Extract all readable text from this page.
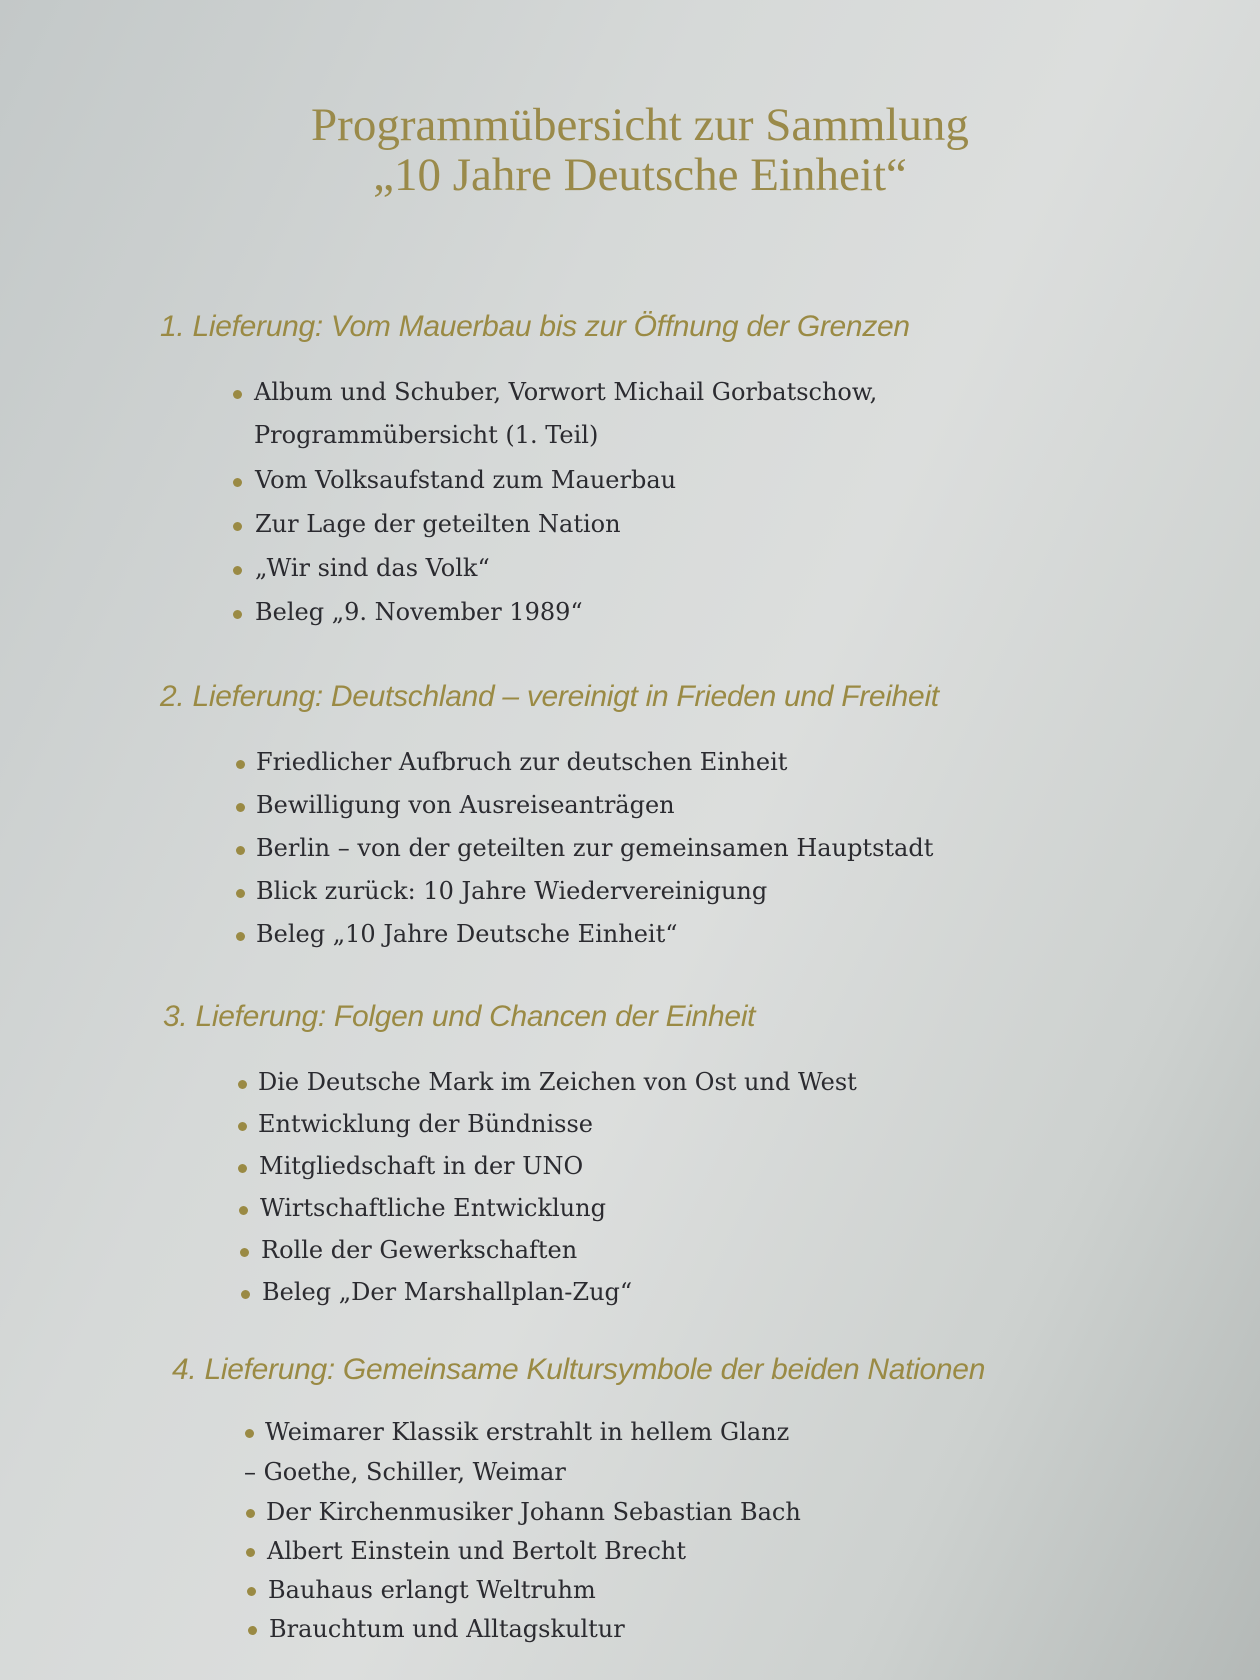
Programmübersicht zur Sammlung
„10 Jahre Deutsche Einheit“
1. Lieferung: Vom Mauerbau bis zur Öffnung der Grenzen
Album und Schuber, Vorwort Michail Gorbatschow,
Programmübersicht (1. Teil)
Vom Volksaufstand zum Mauerbau
Zur Lage der geteilten Nation
„Wir sind das Volk“
Beleg „9. November 1989“
2. Lieferung: Deutschland – vereinigt in Frieden und Freiheit
Friedlicher Aufbruch zur deutschen Einheit
Bewilligung von Ausreiseanträgen
Berlin – von der geteilten zur gemeinsamen Hauptstadt
Blick zurück: 10 Jahre Wiedervereinigung
Beleg „10 Jahre Deutsche Einheit“
3. Lieferung: Folgen und Chancen der Einheit
Die Deutsche Mark im Zeichen von Ost und West
Entwicklung der Bündnisse
Mitgliedschaft in der UNO
Wirtschaftliche Entwicklung
Rolle der Gewerkschaften
Beleg „Der Marshallplan-Zug“
4. Lieferung: Gemeinsame Kultursymbole der beiden Nationen
Weimarer Klassik erstrahlt in hellem Glanz
– Goethe, Schiller, Weimar
Der Kirchenmusiker Johann Sebastian Bach
Albert Einstein und Bertolt Brecht
Bauhaus erlangt Weltruhm
Brauchtum und Alltagskultur
